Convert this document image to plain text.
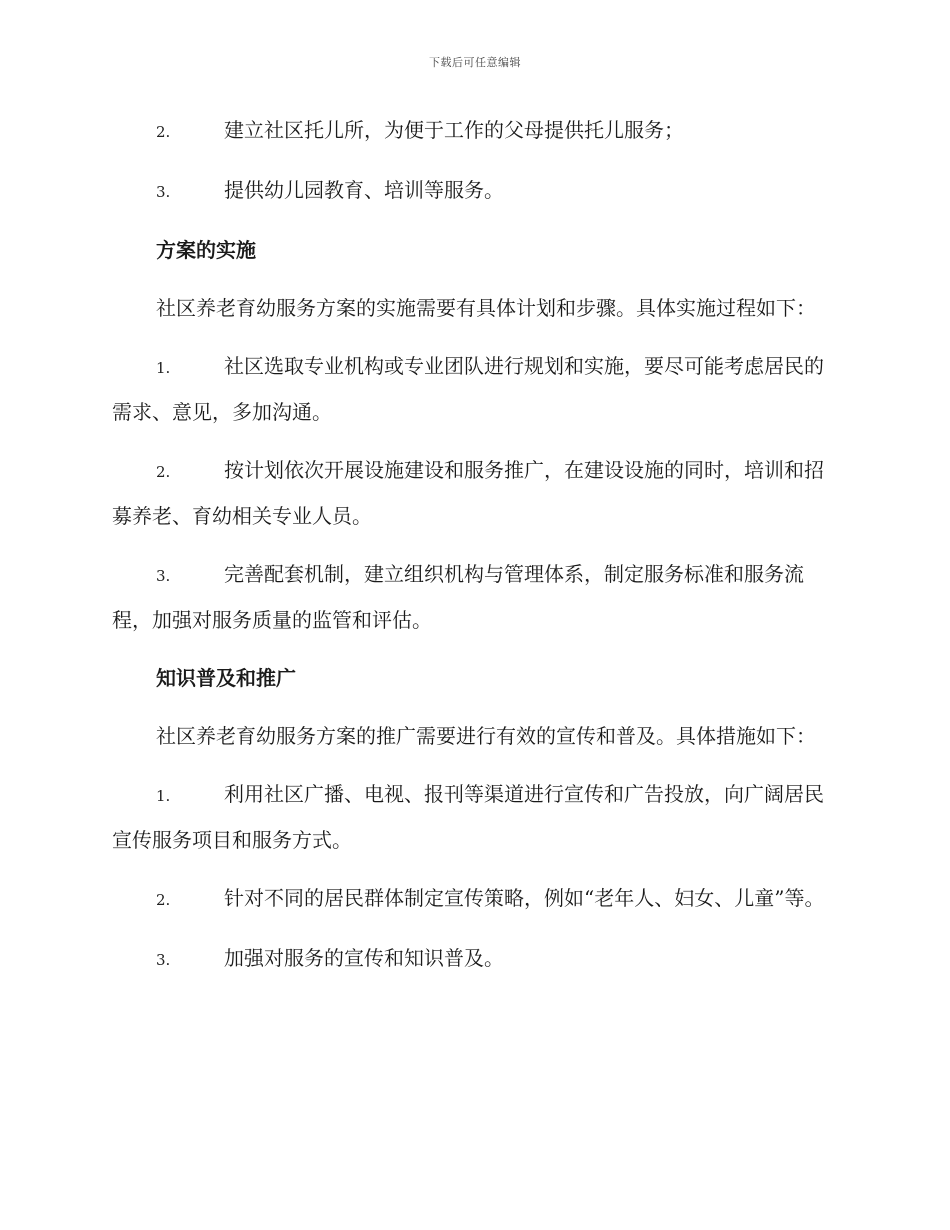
下载后可任意编辑
2.	建立社区托儿所，为便于工作的父母提供托儿服务；
3.	提供幼儿园教育、培训等服务。
方案的实施
社区养老育幼服务方案的实施需要有具体计划和步骤。具体实施过程如下：
1.	社区选取专业机构或专业团队进行规划和实施，要尽可能考虑居民的需求、意见，多加沟通。
2.	按计划依次开展设施建设和服务推广，在建设设施的同时，培训和招募养老、育幼相关专业人员。
3.	完善配套机制，建立组织机构与管理体系，制定服务标准和服务流程，加强对服务质量的监管和评估。
知识普及和推广
社区养老育幼服务方案的推广需要进行有效的宣传和普及。具体措施如下：
1.	利用社区广播、电视、报刊等渠道进行宣传和广告投放，向广阔居民宣传服务项目和服务方式。
2.	针对不同的居民群体制定宣传策略，例如“老年人、妇女、儿童”等。
3.	加强对服务的宣传和知识普及。
